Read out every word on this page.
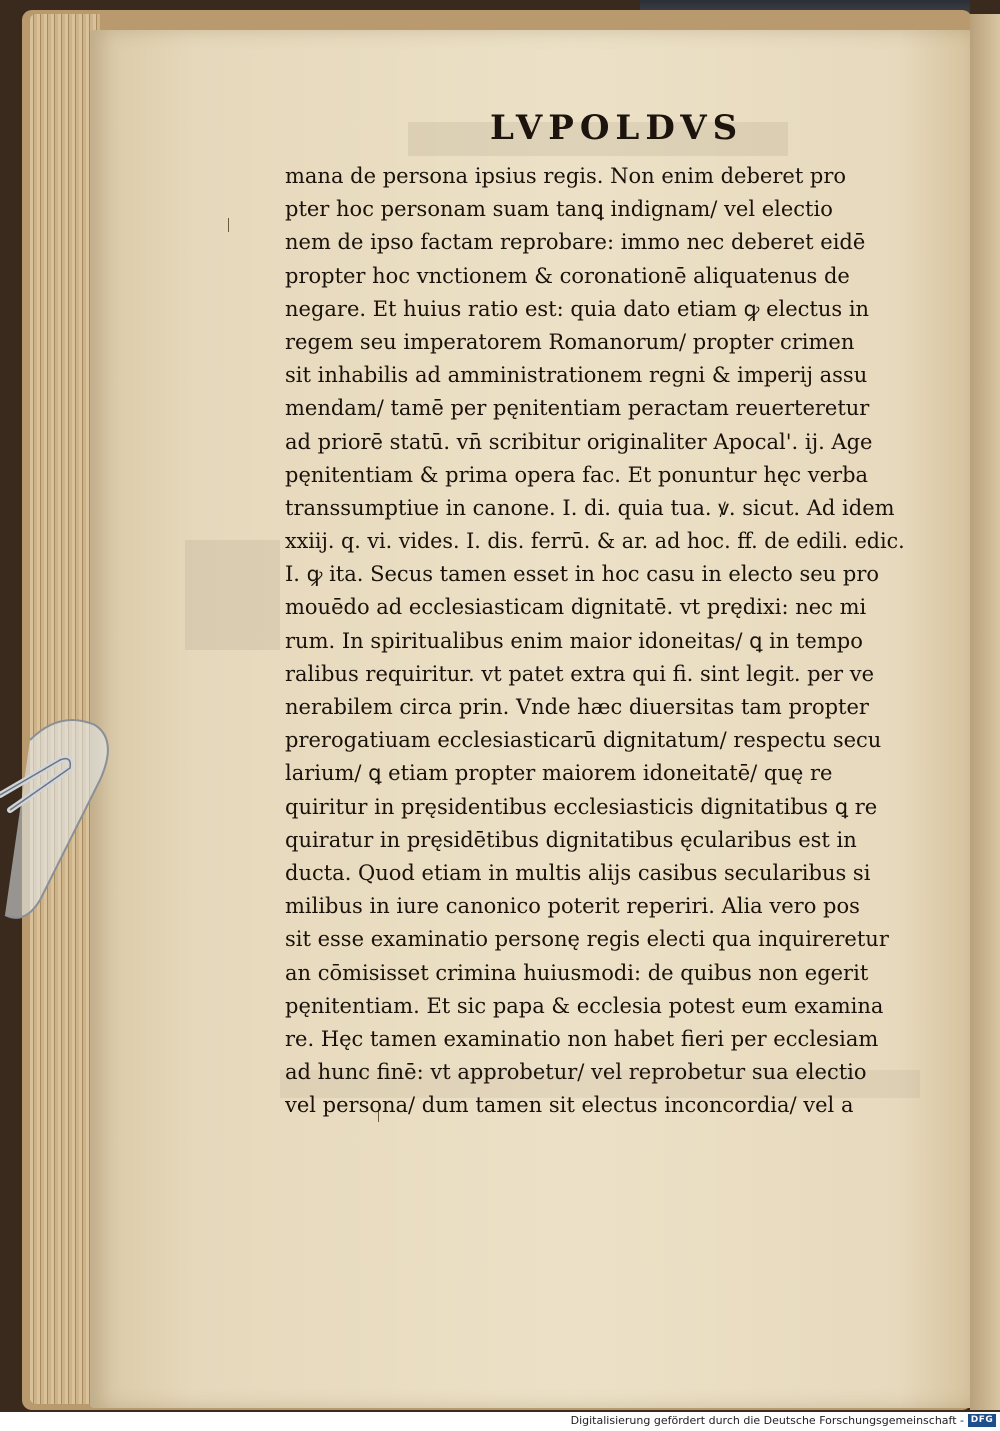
LVPOLDVS
mana de persona ipsius regis. Non enim deberet pro
pter hoc personam suam tanꝗ indignam/ vel electio
nem de ipso factam reprobare: immo nec deberet eidē
propter hoc vnctionem & coronationē aliquatenus de
negare. Et huius ratio est: quia dato etiam ꝙ electus in
regem seu imperatorem Romanorum/ propter crimen
sit inhabilis ad amministrationem regni & imperij assu
mendam/ tamē per pęnitentiam peractam reuerteretur
ad priorē statū. vn̄ scribitur originaliter Apocal'. ij. Age
pęnitentiam & prima opera fac. Et ponuntur hęc verba
transsumptiue in canone. I. di. quia tua. ꝟ. sicut. Ad idem
xxiij. q. vi. vides. I. dis. ferrū. & ar. ad hoc. ff. de edili. edic.
I. ꝙ ita. Secus tamen esset in hoc casu in electo seu pro
mouēdo ad ecclesiasticam dignitatē. vt prędixi: nec mi
rum. In spiritualibus enim maior idoneitas/ ꝗ in tempo
ralibus requiritur. vt patet extra qui fi. sint legit. per ve
nerabilem circa prin. Vnde hæc diuersitas tam propter
prerogatiuam ecclesiasticarū dignitatum/ respectu secu
larium/ ꝗ etiam propter maiorem idoneitatē/ quę re
quiritur in pręsidentibus ecclesiasticis dignitatibus ꝗ re
quiratur in pręsidētibus dignitatibus ęcularibus est in
ducta. Quod etiam in multis alijs casibus secularibus si
milibus in iure canonico poterit reperiri. Alia vero pos
sit esse examinatio personę regis electi qua inquireretur
an cōmisisset crimina huiusmodi: de quibus non egerit
pęnitentiam. Et sic papa & ecclesia potest eum examina
re. Hęc tamen examinatio non habet fieri per ecclesiam
ad hunc finē: vt approbetur/ vel reprobetur sua electio
vel persona/ dum tamen sit electus inconcordia/ vel a
Digitalisierung gefördert durch die Deutsche Forschungsgemeinschaft - DFG
